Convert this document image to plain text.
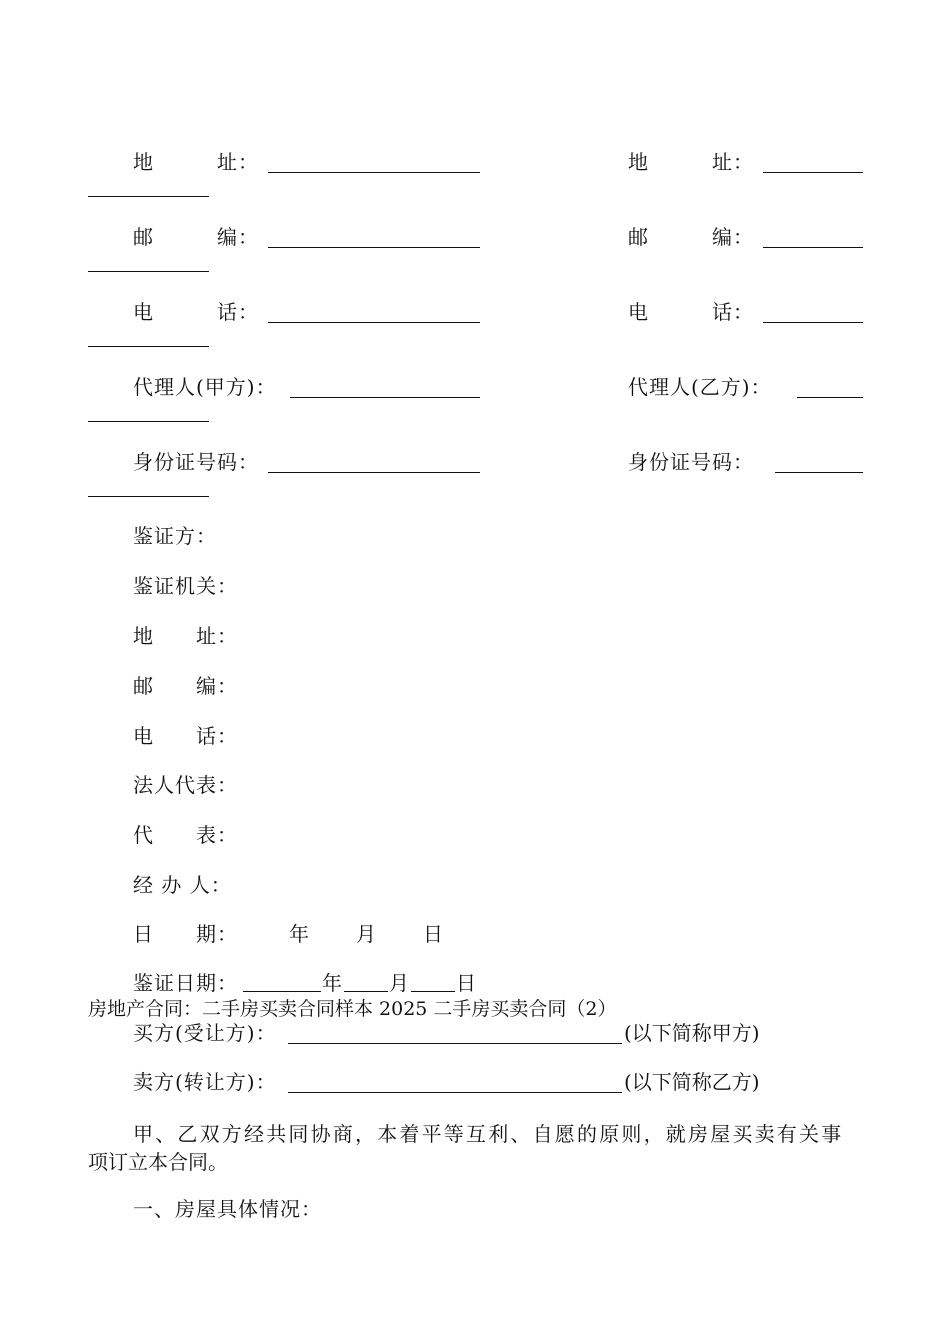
地　　　址：	地　　　址：
邮　　　编：	邮　　　编：
电　　　话：	电　　　话：
代理人(甲方)：	代理人(乙方)：
身份证号码：	身份证号码：
鉴证方：
鉴证机关：
地　　址：
邮　　编：
电　　话：
法人代表：
代　　表：
经 办 人：
日　　期：	年 月 日
鉴证日期：	年 月 日
房地产合同：二手房买卖合同样本 2025 二手房买卖合同（2）
买方(受让方)：	(以下简称甲方)
卖方(转让方)：	(以下简称乙方)
甲、乙双方经共同协商，本着平等互利、自愿的原则，就房屋买卖有关事
项订立本合同。
一、房屋具体情况：
